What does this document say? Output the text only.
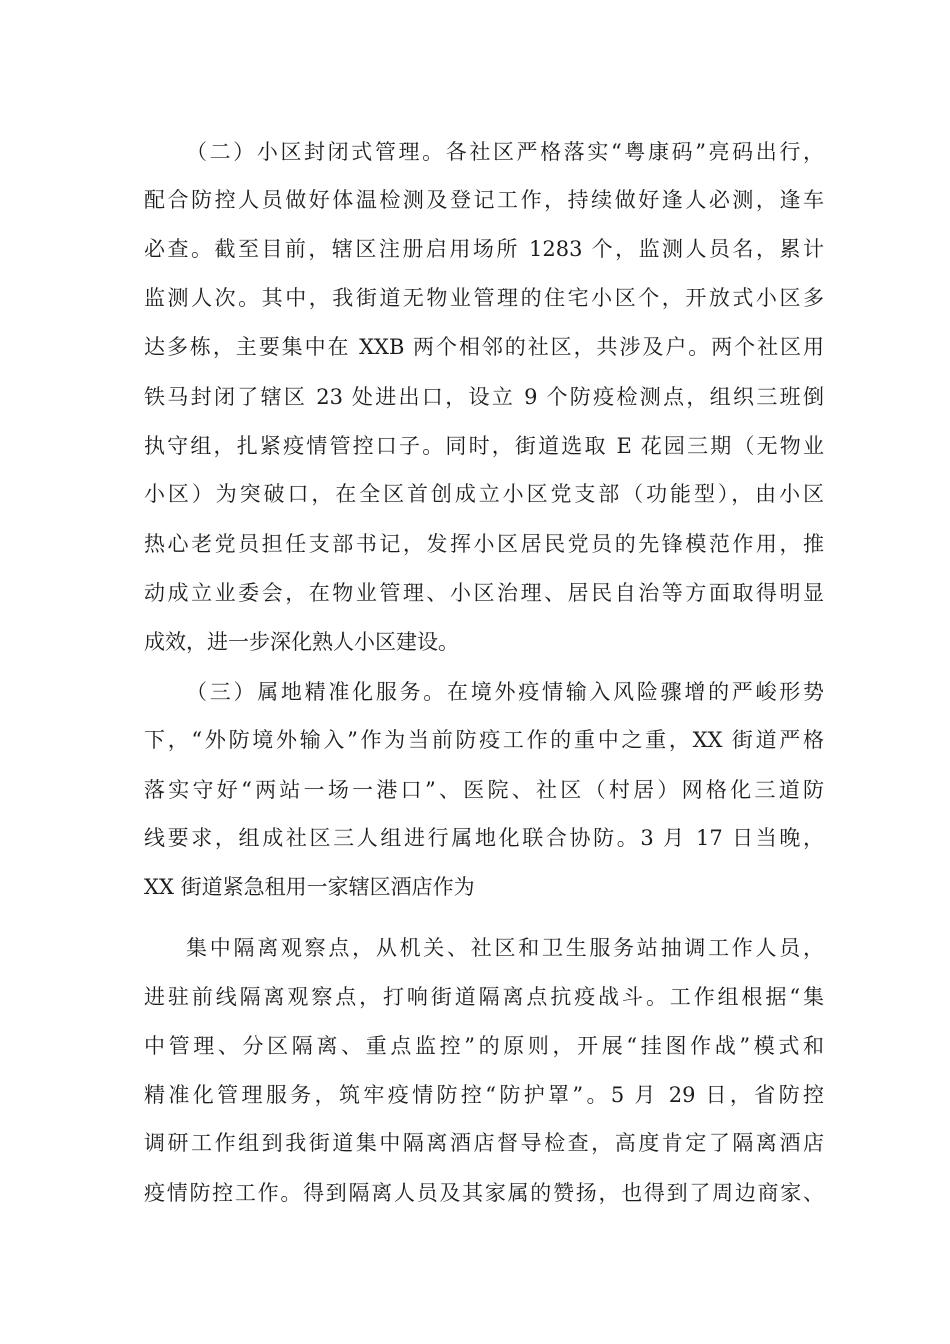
（二）小区封闭式管理。各社区严格落实“粤康码”亮码出行，
配合防控人员做好体温检测及登记工作，持续做好逢人必测，逢车
必查。截至目前，辖区注册启用场所 1283 个，监测人员名，累计
监测人次。其中，我街道无物业管理的住宅小区个，开放式小区多
达多栋，主要集中在 XXB 两个相邻的社区，共涉及户。两个社区用
铁马封闭了辖区 23 处进出口，设立 9 个防疫检测点，组织三班倒
执守组，扎紧疫情管控口子。同时，街道选取 E 花园三期（无物业
小区）为突破口，在全区首创成立小区党支部（功能型），由小区
热心老党员担任支部书记，发挥小区居民党员的先锋模范作用，推
动成立业委会，在物业管理、小区治理、居民自治等方面取得明显
成效，进一步深化熟人小区建设。
（三）属地精准化服务。在境外疫情输入风险骤增的严峻形势
下，“外防境外输入”作为当前防疫工作的重中之重，XX 街道严格
落实守好“两站一场一港口”、医院、社区（村居）网格化三道防
线要求，组成社区三人组进行属地化联合协防。3 月 17 日当晚，
XX 街道紧急租用一家辖区酒店作为
集中隔离观察点，从机关、社区和卫生服务站抽调工作人员，
进驻前线隔离观察点，打响街道隔离点抗疫战斗。工作组根据“集
中管理、分区隔离、重点监控”的原则，开展“挂图作战”模式和
精准化管理服务，筑牢疫情防控“防护罩”。5 月 29 日，省防控
调研工作组到我街道集中隔离酒店督导检查，高度肯定了隔离酒店
疫情防控工作。得到隔离人员及其家属的赞扬，也得到了周边商家、
